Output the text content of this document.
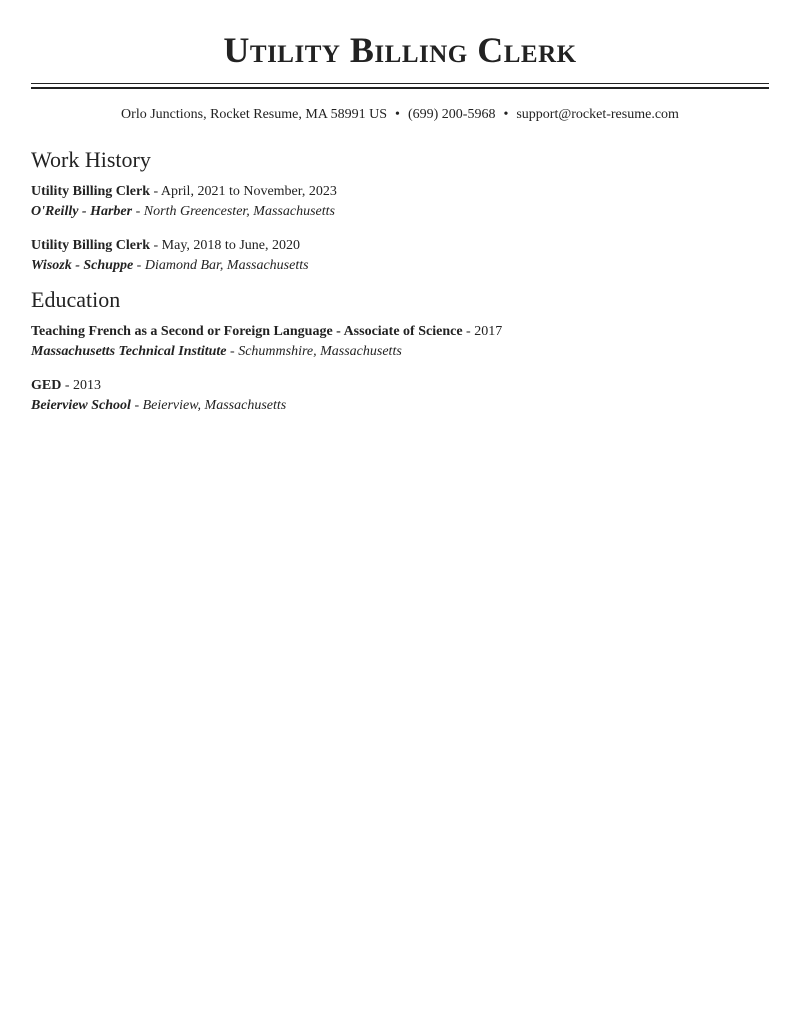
Utility Billing Clerk
Orlo Junctions, Rocket Resume, MA 58991 US • (699) 200-5968 • support@rocket-resume.com
Work History
Utility Billing Clerk - April, 2021 to November, 2023
O'Reilly - Harber - North Greencester, Massachusetts
Utility Billing Clerk - May, 2018 to June, 2020
Wisozk - Schuppe - Diamond Bar, Massachusetts
Education
Teaching French as a Second or Foreign Language - Associate of Science - 2017
Massachusetts Technical Institute - Schummshire, Massachusetts
GED - 2013
Beierview School - Beierview, Massachusetts
